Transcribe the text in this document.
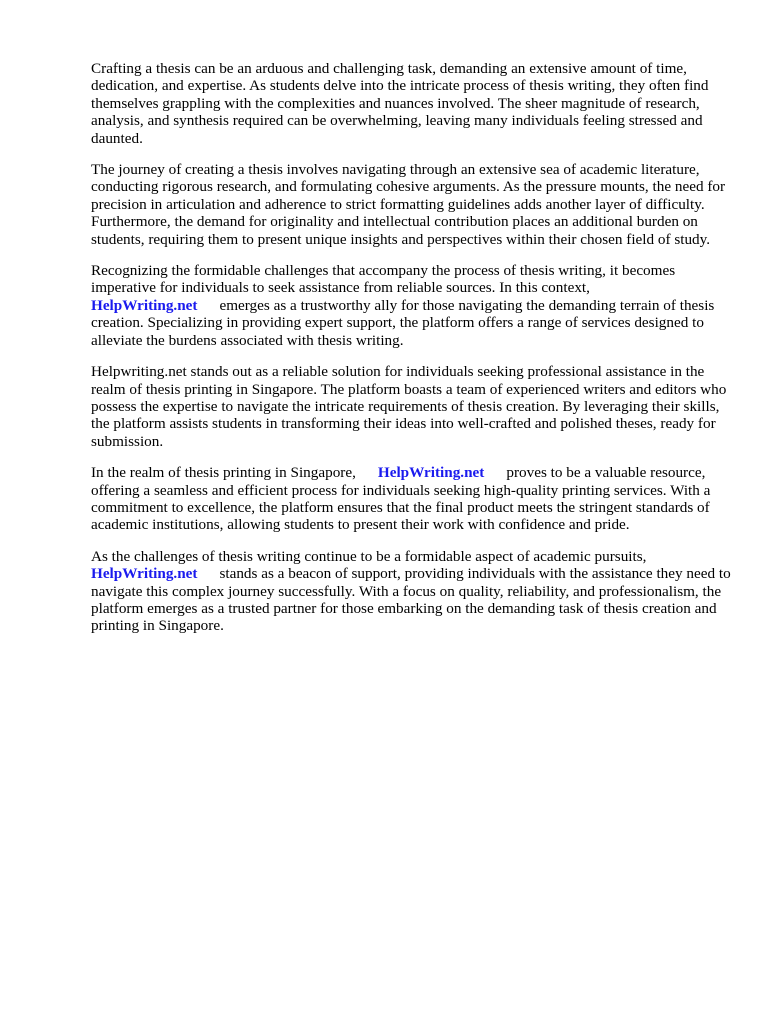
Crafting a thesis can be an arduous and challenging task, demanding an extensive amount of time, dedication, and expertise. As students delve into the intricate process of thesis writing, they often find themselves grappling with the complexities and nuances involved. The sheer magnitude of research, analysis, and synthesis required can be overwhelming, leaving many individuals feeling stressed and daunted.

The journey of creating a thesis involves navigating through an extensive sea of academic literature, conducting rigorous research, and formulating cohesive arguments. As the pressure mounts, the need for precision in articulation and adherence to strict formatting guidelines adds another layer of difficulty. Furthermore, the demand for originality and intellectual contribution places an additional burden on students, requiring them to present unique insights and perspectives within their chosen field of study.

Recognizing the formidable challenges that accompany the process of thesis writing, it becomes imperative for individuals to seek assistance from reliable sources. In this context,
HelpWriting.net emerges as a trustworthy ally for those navigating the demanding terrain of thesis creation. Specializing in providing expert support, the platform offers a range of services designed to alleviate the burdens associated with thesis writing.

Helpwriting.net stands out as a reliable solution for individuals seeking professional assistance in the realm of thesis printing in Singapore. The platform boasts a team of experienced writers and editors who possess the expertise to navigate the intricate requirements of thesis creation. By leveraging their skills, the platform assists students in transforming their ideas into well-crafted and polished theses, ready for submission.

In the realm of thesis printing in Singapore, HelpWriting.net proves to be a valuable resource, offering a seamless and efficient process for individuals seeking high-quality printing services. With a commitment to excellence, the platform ensures that the final product meets the stringent standards of academic institutions, allowing students to present their work with confidence and pride.

As the challenges of thesis writing continue to be a formidable aspect of academic pursuits,
HelpWriting.net stands as a beacon of support, providing individuals with the assistance they need to navigate this complex journey successfully. With a focus on quality, reliability, and professionalism, the platform emerges as a trusted partner for those embarking on the demanding task of thesis creation and printing in Singapore.
